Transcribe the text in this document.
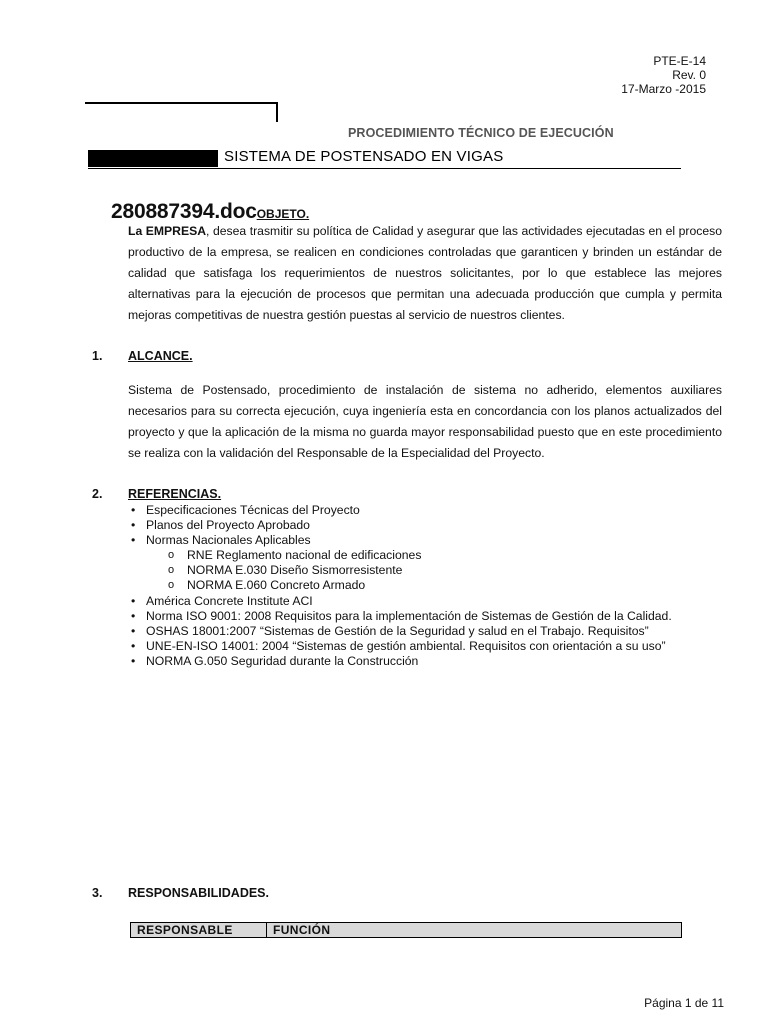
PTE-E-14
Rev. 0
17-Marzo -2015
PROCEDIMIENTO TÉCNICO DE EJECUCIÓN
SISTEMA DE POSTENSADO EN VIGAS
280887394.docOBJETO.
La EMPRESA, desea trasmitir su política de Calidad y asegurar que las actividades ejecutadas en el proceso productivo de la empresa, se realicen en condiciones controladas que garanticen y brinden un estándar de calidad que satisfaga los requerimientos de nuestros solicitantes, por lo que establece las mejores alternativas para la ejecución de procesos que permitan una adecuada producción que cumpla y permita mejoras competitivas de nuestra gestión puestas al servicio de nuestros clientes.
1. ALCANCE.
Sistema de Postensado, procedimiento de instalación de sistema no adherido, elementos auxiliares necesarios para su correcta ejecución, cuya ingeniería esta en concordancia con los planos actualizados del proyecto y que la aplicación de la misma no guarda mayor responsabilidad puesto que en este procedimiento se realiza con la validación del Responsable de la Especialidad del Proyecto.
2. REFERENCIAS.
• Especificaciones Técnicas del Proyecto
• Planos del Proyecto Aprobado
• Normas Nacionales Aplicables
o RNE Reglamento nacional de edificaciones
o NORMA E.030 Diseño Sismorresistente
o NORMA E.060 Concreto Armado
• América Concrete Institute ACI
• Norma ISO 9001: 2008 Requisitos para la implementación de Sistemas de Gestión de la Calidad.
• OSHAS 18001:2007 “Sistemas de Gestión de la Seguridad y salud en el Trabajo. Requisitos”
• UNE-EN-ISO 14001: 2004 “Sistemas de gestión ambiental. Requisitos con orientación a su uso”
• NORMA G.050 Seguridad durante la Construcción
3. RESPONSABILIDADES.
RESPONSABLE	FUNCIÓN
Página 1 de 11
